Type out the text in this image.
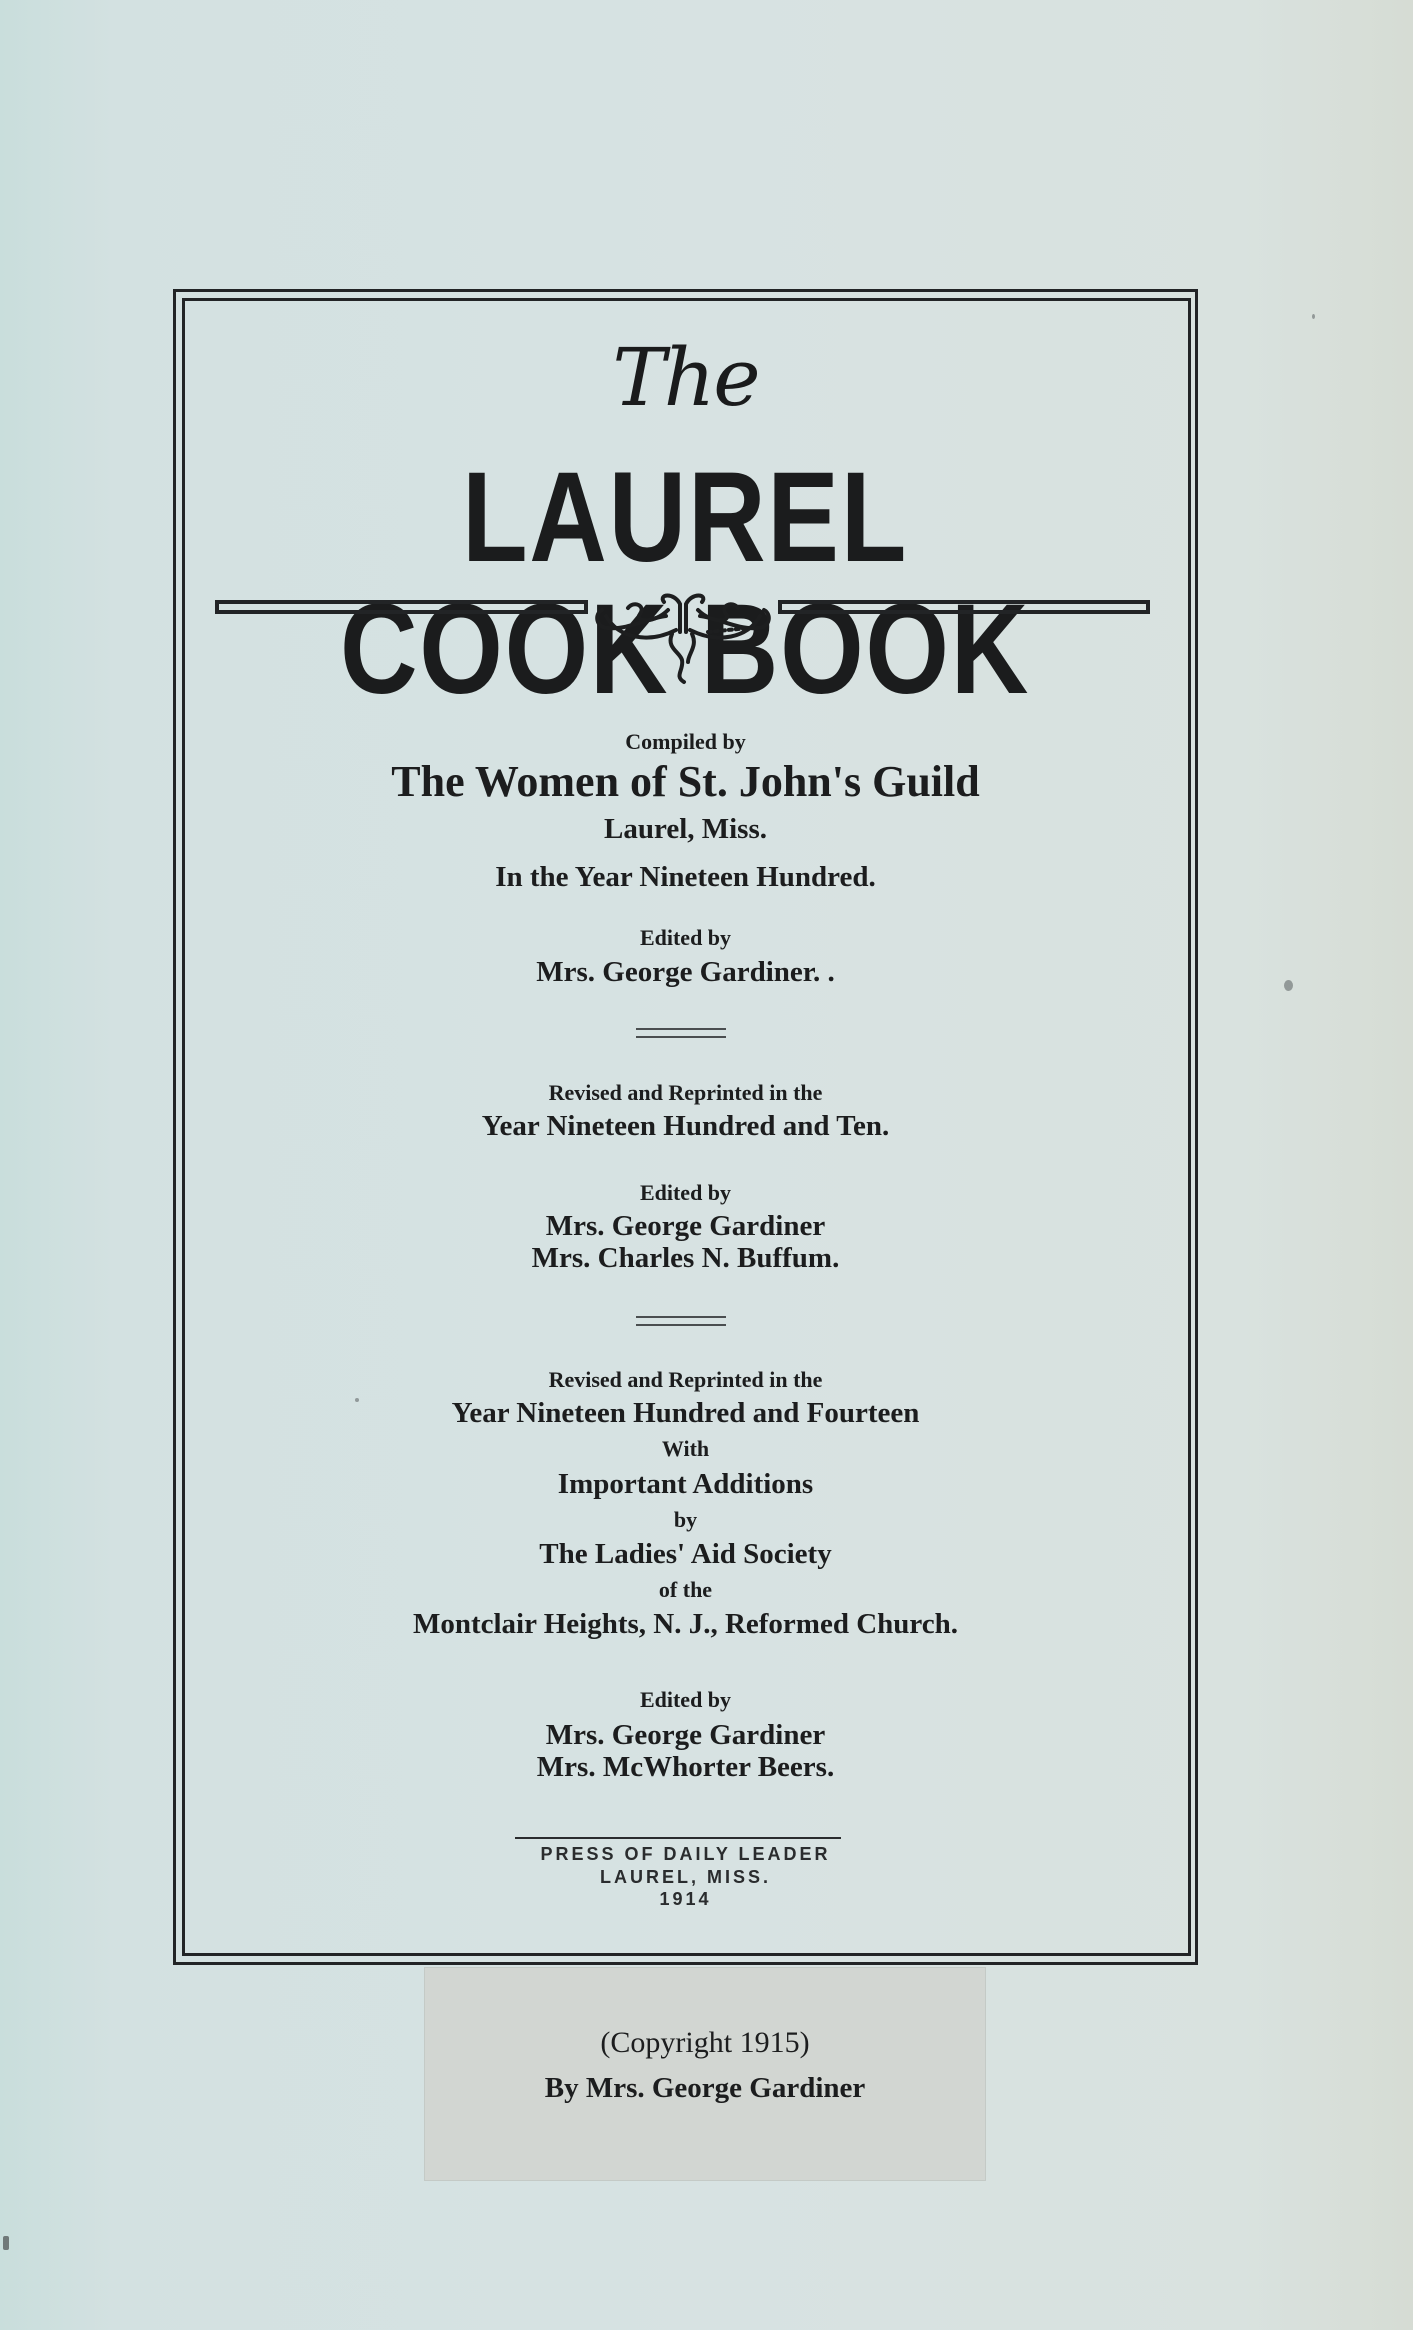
The
LAUREL COOK BOOK
Compiled by
The Women of St. John's Guild
Laurel, Miss.
In the Year Nineteen Hundred.
Edited by
Mrs. George Gardiner. .
Revised and Reprinted in the
Year Nineteen Hundred and Ten.
Edited by
Mrs. George Gardiner
Mrs. Charles N. Buffum.
Revised and Reprinted in the
Year Nineteen Hundred and Fourteen
With
Important Additions
by
The Ladies' Aid Society
of the
Montclair Heights, N. J., Reformed Church.
Edited by
Mrs. George Gardiner
Mrs. McWhorter Beers.
PRESS OF DAILY LEADER
LAUREL, MISS.
1914
(Copyright 1915)
By Mrs. George Gardiner
